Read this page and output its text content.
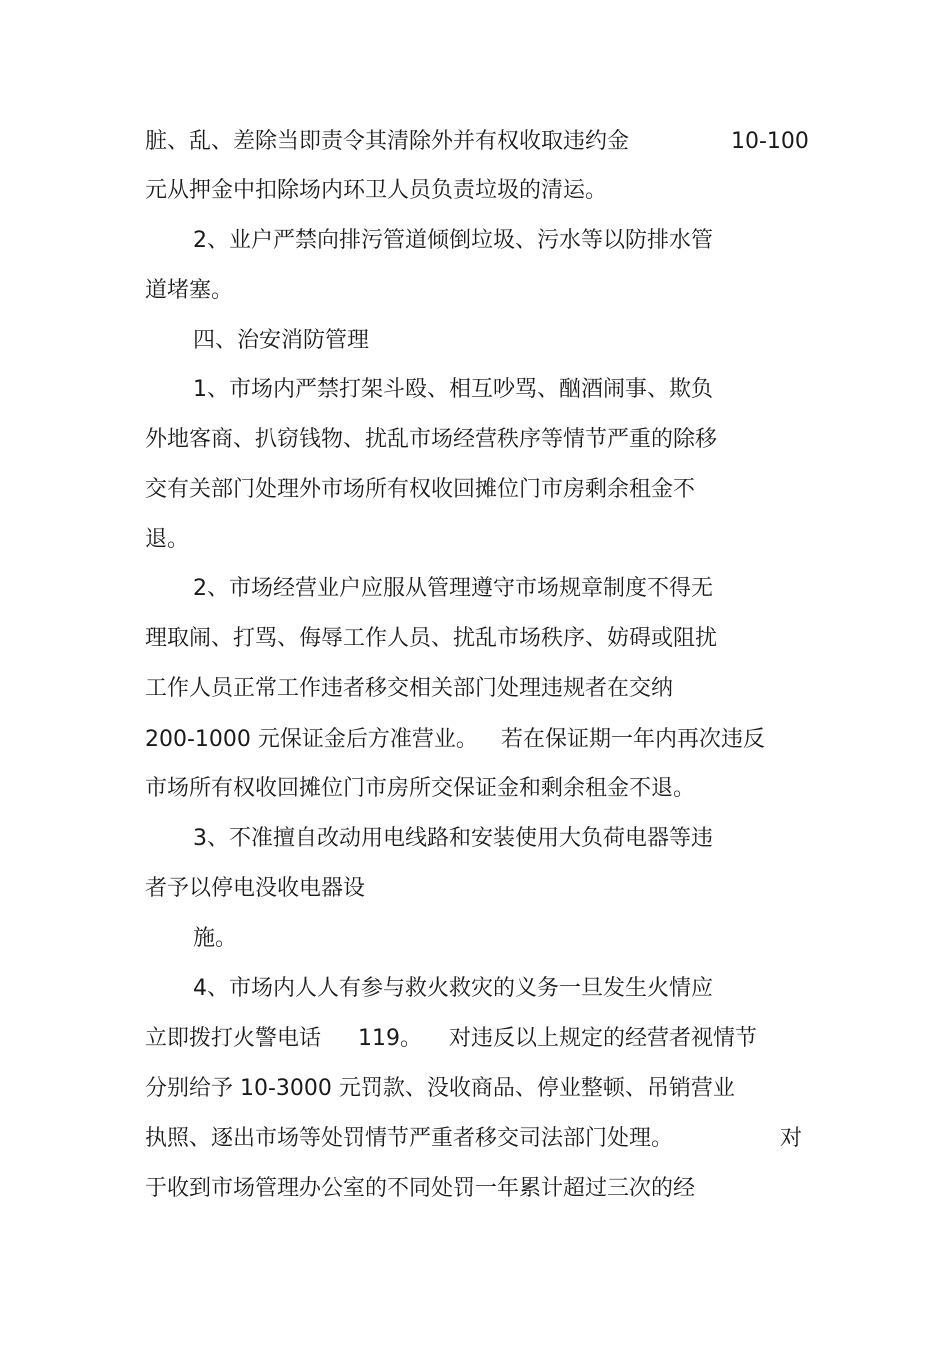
脏、乱、差除当即责令其清除外并有权收取违约金	10-100

元从押金中扣除场内环卫人员负责垃圾的清运。

2、业户严禁向排污管道倾倒垃圾、污水等以防排水管

道堵塞。

四、治安消防管理

1、市场内严禁打架斗殴、相互吵骂、酗酒闹事、欺负

外地客商、扒窃钱物、扰乱市场经营秩序等情节严重的除移

交有关部门处理外市场所有权收回摊位门市房剩余租金不

退。

2、市场经营业户应服从管理遵守市场规章制度不得无

理取闹、打骂、侮辱工作人员、扰乱市场秩序、妨碍或阻扰

工作人员正常工作违者移交相关部门处理违规者在交纳

200-1000 元保证金后方准营业。 若在保证期一年内再次违反

市场所有权收回摊位门市房所交保证金和剩余租金不退。

3、不准擅自改动用电线路和安装使用大负荷电器等违

者予以停电没收电器设

施。

4、市场内人人有参与救火救灾的义务一旦发生火情应

立即拨打火警电话 119。 对违反以上规定的经营者视情节

分别给予 10-3000 元罚款、没收商品、停业整顿、吊销营业

执照、逐出市场等处罚情节严重者移交司法部门处理。	对

于收到市场管理办公室的不同处罚一年累计超过三次的经
